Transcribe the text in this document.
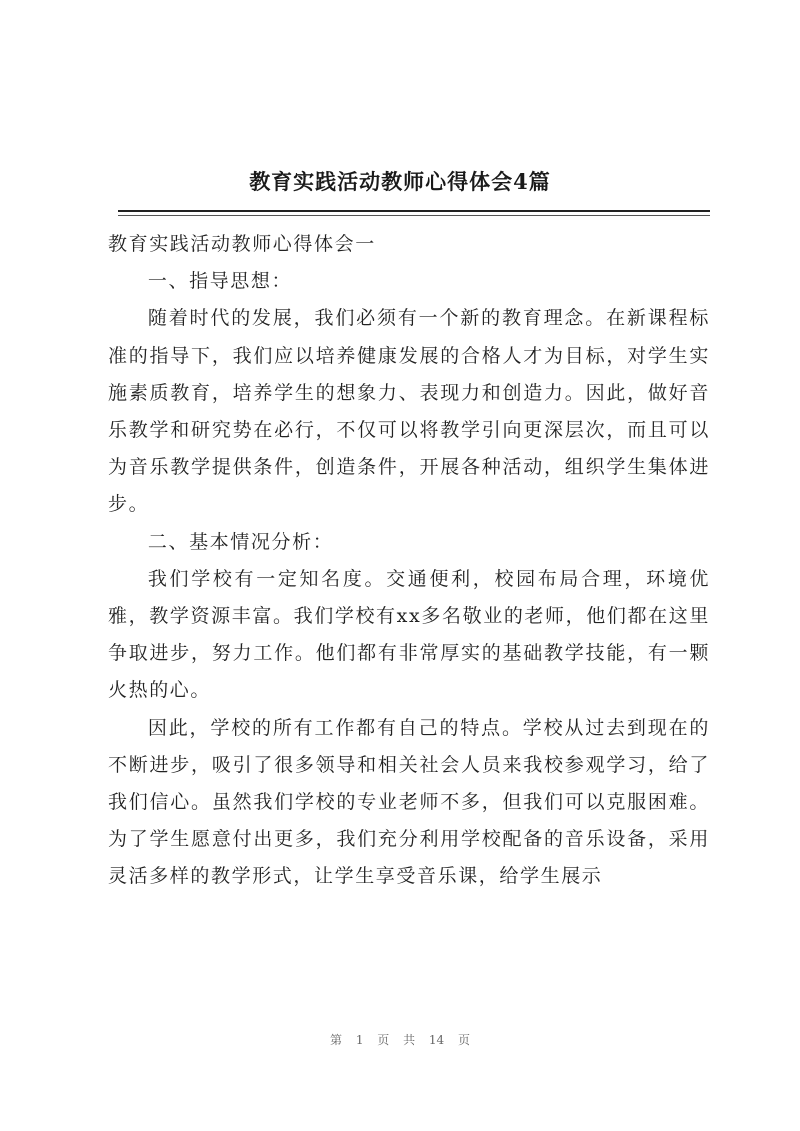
教育实践活动教师心得体会4篇

教育实践活动教师心得体会一

一、指导思想：

随着时代的发展，我们必须有一个新的教育理念。在新课程标准的指导下，我们应以培养健康发展的合格人才为目标，对学生实施素质教育，培养学生的想象力、表现力和创造力。因此，做好音乐教学和研究势在必行，不仅可以将教学引向更深层次，而且可以为音乐教学提供条件，创造条件，开展各种活动，组织学生集体进步。

二、基本情况分析：

我们学校有一定知名度。交通便利，校园布局合理，环境优雅，教学资源丰富。我们学校有xx多名敬业的老师，他们都在这里争取进步，努力工作。他们都有非常厚实的基础教学技能，有一颗火热的心。

因此，学校的所有工作都有自己的特点。学校从过去到现在的不断进步，吸引了很多领导和相关社会人员来我校参观学习，给了我们信心。虽然我们学校的专业老师不多，但我们可以克服困难。为了学生愿意付出更多，我们充分利用学校配备的音乐设备，采用灵活多样的教学形式，让学生享受音乐课，给学生展示

第 1 页 共 14 页
